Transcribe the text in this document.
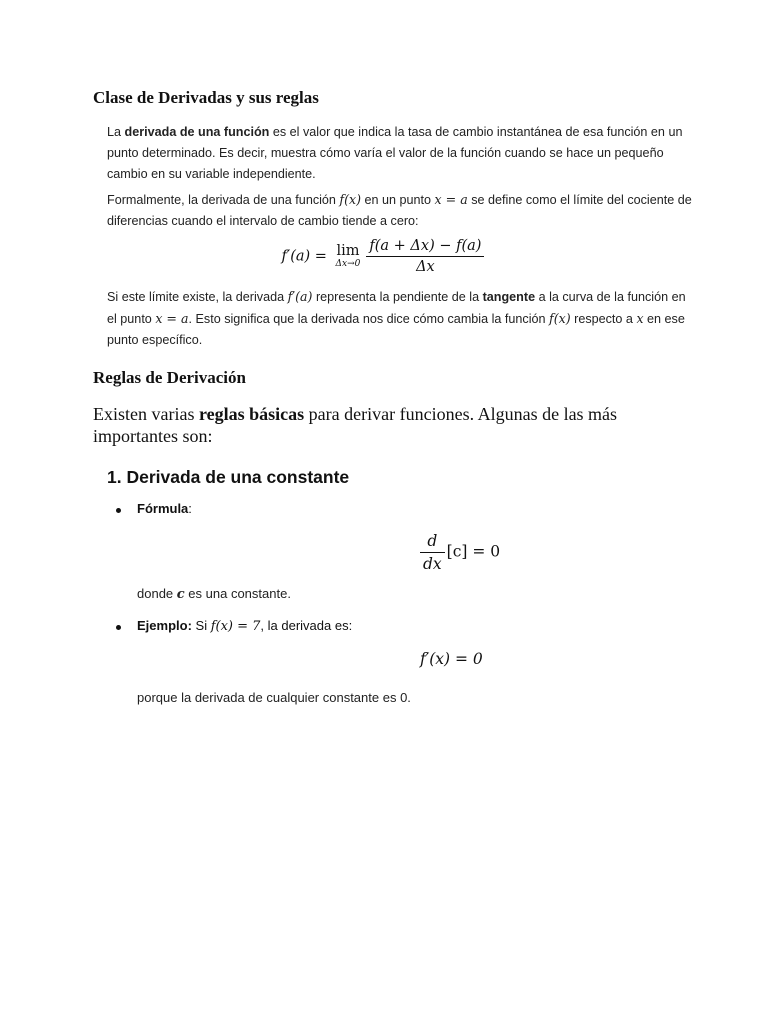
Clase de Derivadas y sus reglas
La derivada de una función es el valor que indica la tasa de cambio instantánea de esa función en un punto determinado. Es decir, muestra cómo varía el valor de la función cuando se hace un pequeño cambio en su variable independiente.
Formalmente, la derivada de una función f(x) en un punto x = a se define como el límite del cociente de diferencias cuando el intervalo de cambio tiende a cero:
f′(a) = lim
$\Delta x\to 0 \frac{f(a + \Delta x) - f(a)}{\Delta x}$
Si este límite existe, la derivada f′(a) representa la pendiente de la tangente a la curva de la función en el punto x = a. Esto significa que la derivada nos dice cómo cambia la función f(x) respecto a x en ese punto específico.
Reglas de Derivación
Existen varias reglas básicas para derivar funciones. Algunas de las más importantes son:
1. Derivada de una constante
Fórmula:
$\frac{d}{dx} [c] = 0$
donde c es una constante.
Ejemplo: Si f(x) = 7, la derivada es:
f′(x) = 0
porque la derivada de cualquier constante es 0.
